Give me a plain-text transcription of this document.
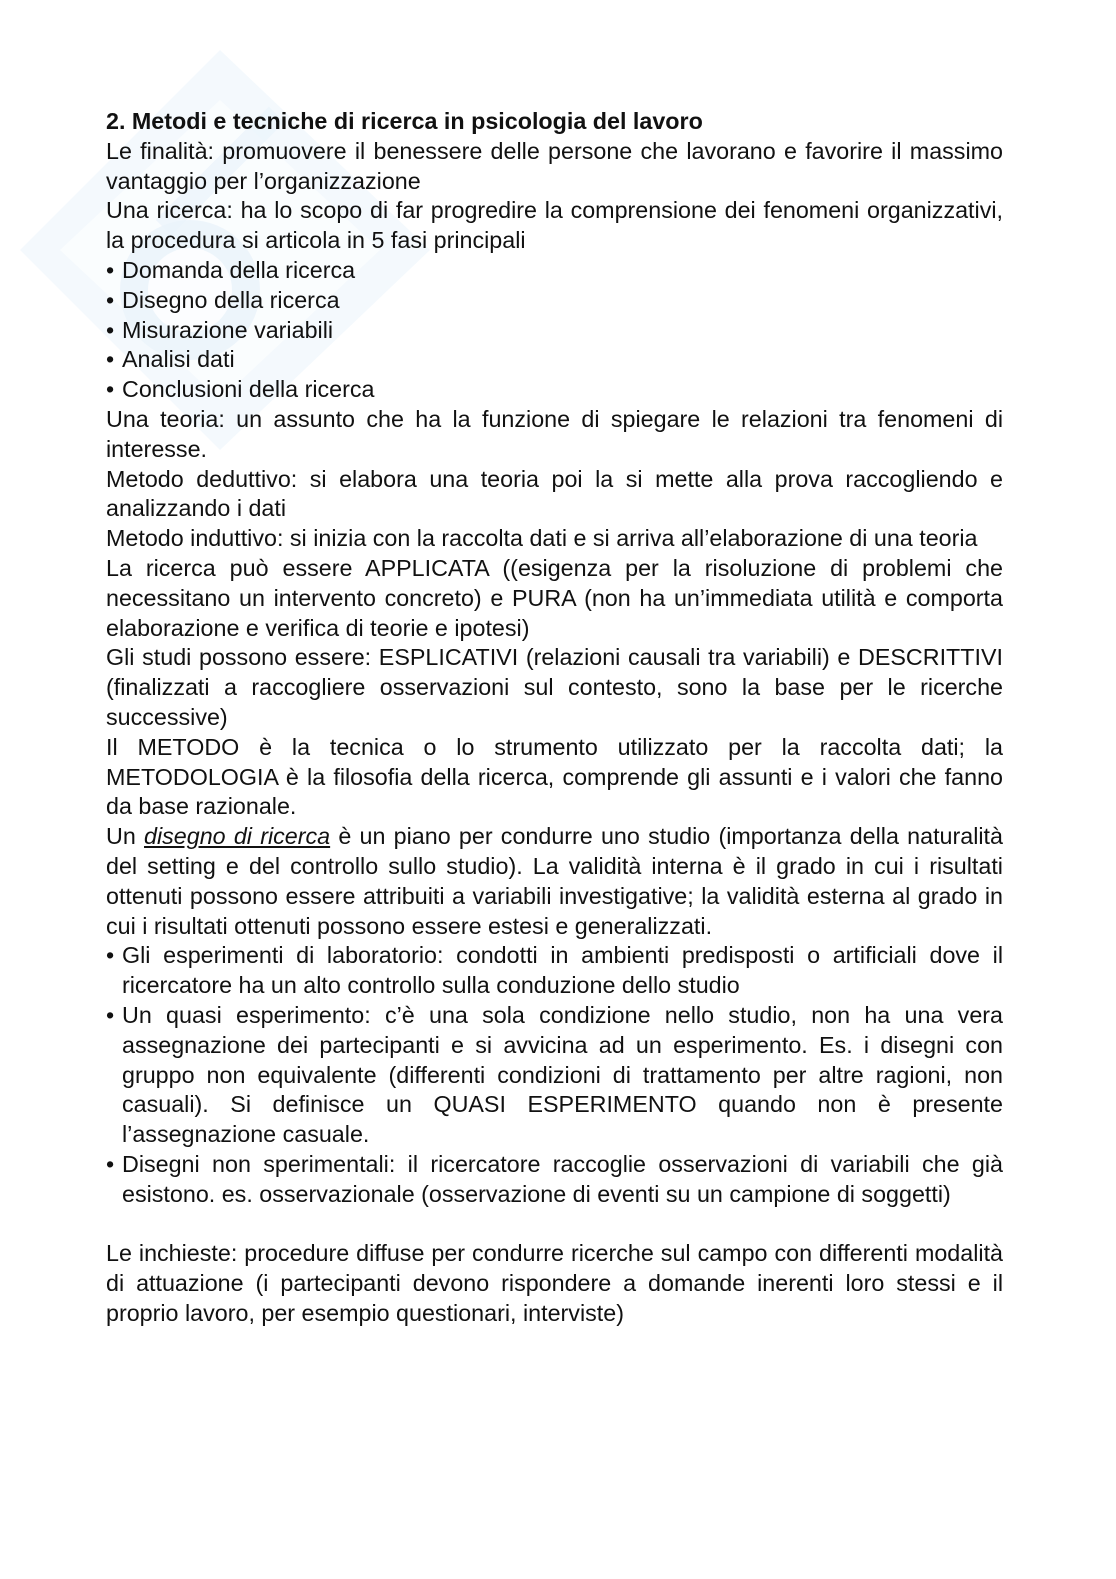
2. Metodi e tecniche di ricerca in psicologia del lavoro

Le finalità: promuovere il benessere delle persone che lavorano e favorire il massimo vantaggio per l’organizzazione

Una ricerca: ha lo scopo di far progredire la comprensione dei fenomeni organizzativi, la procedura si articola in 5 fasi principali

• Domanda della ricerca
• Disegno della ricerca
• Misurazione variabili
• Analisi dati
• Conclusioni della ricerca

Una teoria: un assunto che ha la funzione di spiegare le relazioni tra fenomeni di interesse.

Metodo deduttivo: si elabora una teoria poi la si mette alla prova raccogliendo e analizzando i dati

Metodo induttivo: si inizia con la raccolta dati e si arriva all’elaborazione di una teoria

La ricerca può essere APPLICATA ((esigenza per la risoluzione di problemi che necessitano un intervento concreto) e PURA (non ha un’immediata utilità e comporta elaborazione e verifica di teorie e ipotesi)

Gli studi possono essere: ESPLICATIVI (relazioni causali tra variabili) e DESCRITTIVI (finalizzati a raccogliere osservazioni sul contesto, sono la base per le ricerche successive)

Il METODO è la tecnica o lo strumento utilizzato per la raccolta dati; la METODOLOGIA è la filosofia della ricerca, comprende gli assunti e i valori che fanno da base razionale.

Un disegno di ricerca è un piano per condurre uno studio (importanza della naturalità del setting e del controllo sullo studio). La validità interna è il grado in cui i risultati ottenuti possono essere attribuiti a variabili investigative; la validità esterna al grado in cui i risultati ottenuti possono essere estesi e generalizzati.

• Gli esperimenti di laboratorio: condotti in ambienti predisposti o artificiali dove il ricercatore ha un alto controllo sulla conduzione dello studio
• Un quasi esperimento: c’è una sola condizione nello studio, non ha una vera assegnazione dei partecipanti e si avvicina ad un esperimento. Es. i disegni con gruppo non equivalente (differenti condizioni di trattamento per altre ragioni, non casuali). Si definisce un QUASI ESPERIMENTO quando non è presente l’assegnazione casuale.
• Disegni non sperimentali: il ricercatore raccoglie osservazioni di variabili che già esistono. es. osservazionale (osservazione di eventi su un campione di soggetti)

Le inchieste: procedure diffuse per condurre ricerche sul campo con differenti modalità di attuazione (i partecipanti devono rispondere a domande inerenti loro stessi e il proprio lavoro, per esempio questionari, interviste)
